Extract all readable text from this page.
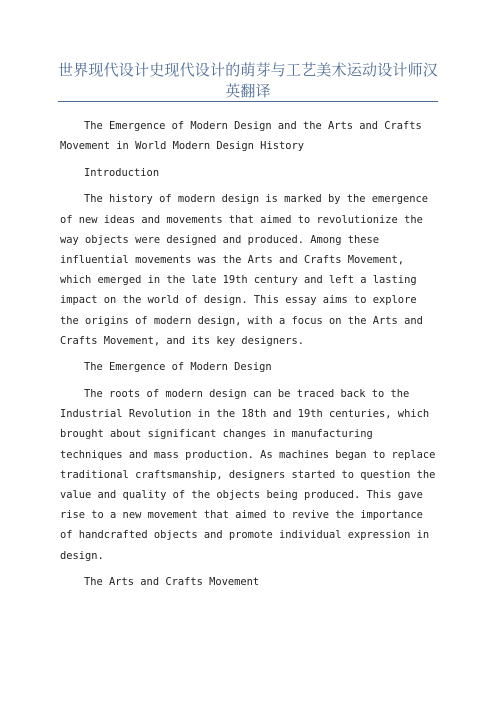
世界现代设计史现代设计的萌芽与工艺美术运动设计师汉英翻译

The Emergence of Modern Design and the Arts and Crafts Movement in World Modern Design History

Introduction

The history of modern design is marked by the emergence of new ideas and movements that aimed to revolutionize the way objects were designed and produced. Among these influential movements was the Arts and Crafts Movement, which emerged in the late 19th century and left a lasting impact on the world of design. This essay aims to explore the origins of modern design, with a focus on the Arts and Crafts Movement, and its key designers.

The Emergence of Modern Design

The roots of modern design can be traced back to the Industrial Revolution in the 18th and 19th centuries, which brought about significant changes in manufacturing techniques and mass production. As machines began to replace traditional craftsmanship, designers started to question the value and quality of the objects being produced. This gave rise to a new movement that aimed to revive the importance of handcrafted objects and promote individual expression in design.

The Arts and Crafts Movement
